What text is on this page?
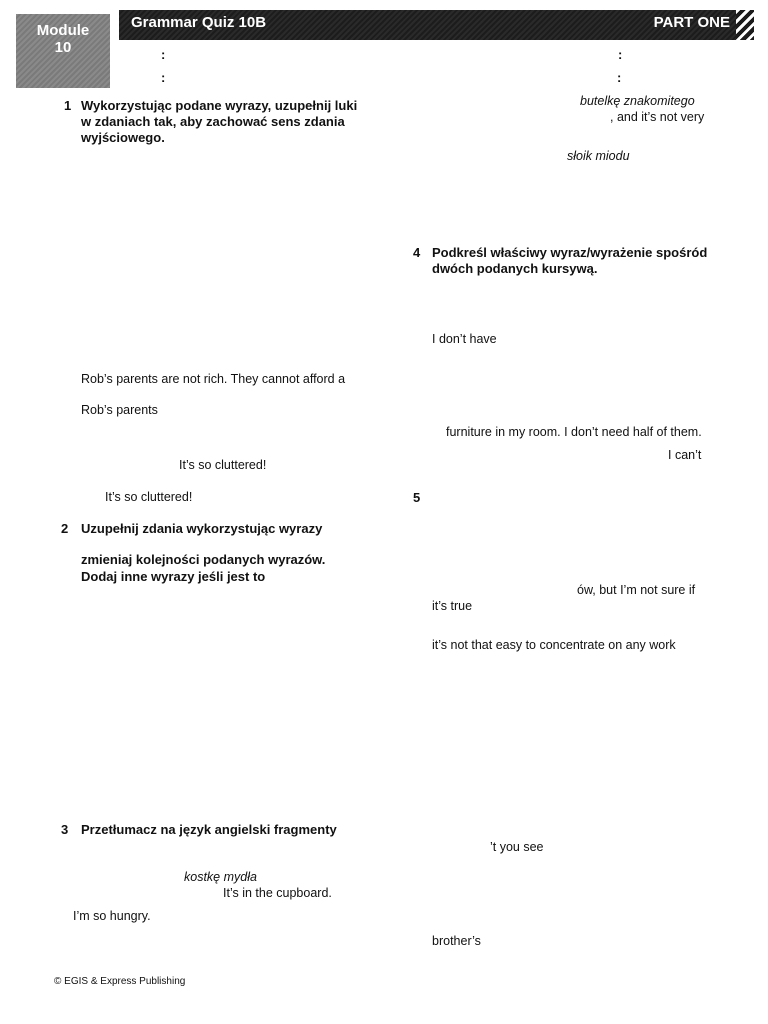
Module
10
Grammar Quiz 10B	PART ONE
:
:
:
:
1 Wykorzystując podane wyrazy, uzupełnij luki
w zdaniach tak, aby zachować sens zdania
wyjściowego.
Rob’s parents are not rich. They cannot afford a
Rob’s parents
It’s so cluttered!
It’s so cluttered!
2 Uzupełnij zdania wykorzystując wyrazy
zmieniaj kolejności podanych wyrazów.
Dodaj inne wyrazy jeśli jest to
3 Przetłumacz na język angielski fragmenty
kostkę mydła
It’s in the cupboard.
I’m so hungry.
butelkę znakomitego
, and it’s not very
słoik miodu
4 Podkreśl właściwy wyraz/wyrażenie spośród
dwóch podanych kursywą.
I don’t have
furniture in my room. I don’t need half of them.
I can’t
5
ów, but I’m not sure if
it’s true
it’s not that easy to concentrate on any work
’t you see
brother’s
© EGIS & Express Publishing
